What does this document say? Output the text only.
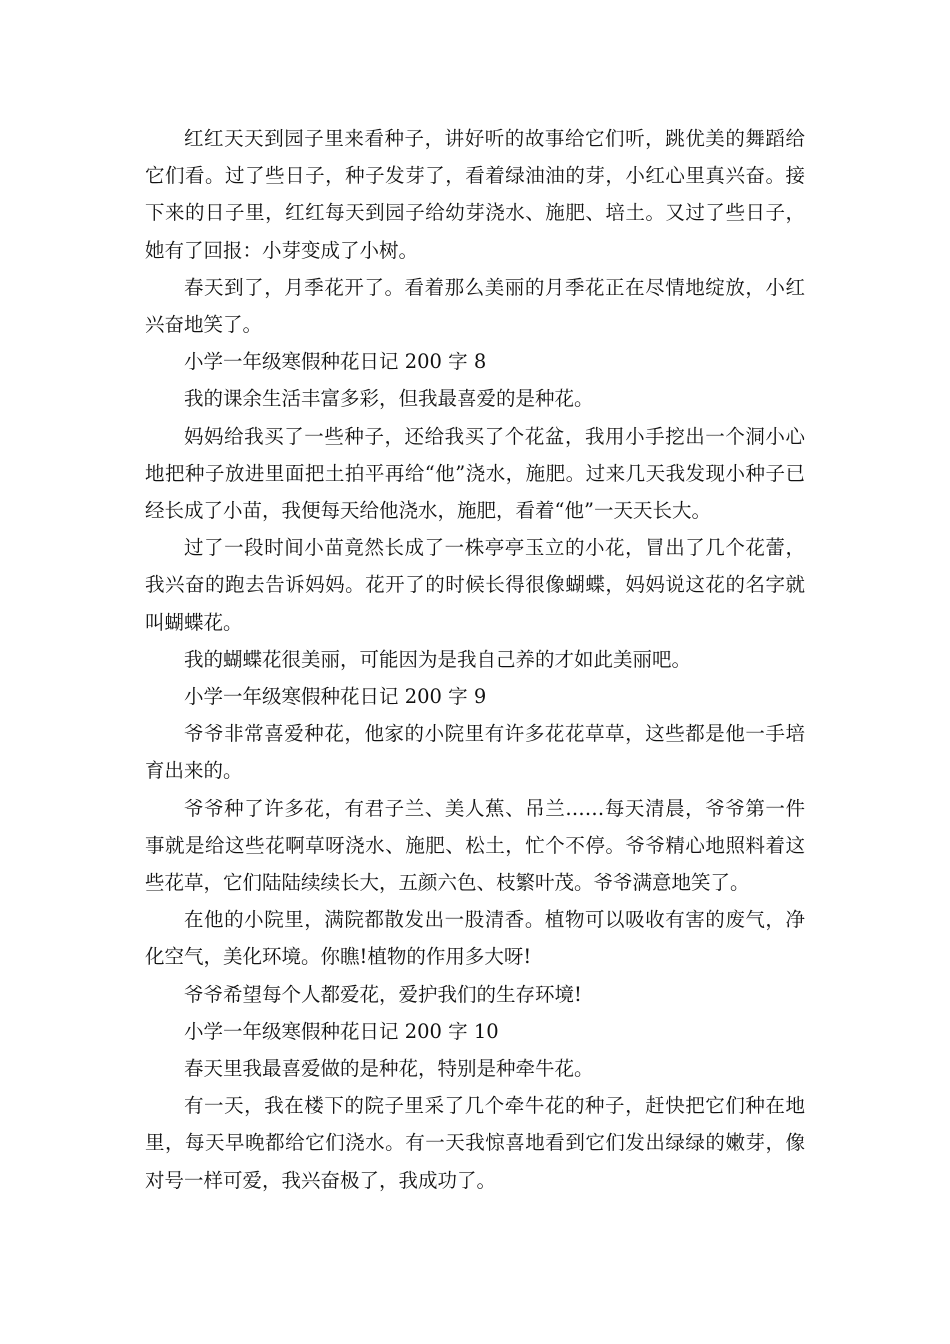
红红天天到园子里来看种子，讲好听的故事给它们听，跳优美的舞蹈给它们看。过了些日子，种子发芽了，看着绿油油的芽，小红心里真兴奋。接下来的日子里，红红每天到园子给幼芽浇水、施肥、培土。又过了些日子，她有了回报：小芽变成了小树。

春天到了，月季花开了。看着那么美丽的月季花正在尽情地绽放，小红兴奋地笑了。

小学一年级寒假种花日记 200 字 8

我的课余生活丰富多彩，但我最喜爱的是种花。

妈妈给我买了一些种子，还给我买了个花盆，我用小手挖出一个洞小心地把种子放进里面把土拍平再给“他”浇水，施肥。过来几天我发现小种子已经长成了小苗，我便每天给他浇水，施肥，看着“他”一天天长大。

过了一段时间小苗竟然长成了一株亭亭玉立的小花，冒出了几个花蕾，我兴奋的跑去告诉妈妈。花开了的时候长得很像蝴蝶，妈妈说这花的名字就叫蝴蝶花。

我的蝴蝶花很美丽，可能因为是我自己养的才如此美丽吧。

小学一年级寒假种花日记 200 字 9

爷爷非常喜爱种花，他家的小院里有许多花花草草，这些都是他一手培育出来的。

爷爷种了许多花，有君子兰、美人蕉、吊兰……每天清晨，爷爷第一件事就是给这些花啊草呀浇水、施肥、松土，忙个不停。爷爷精心地照料着这些花草，它们陆陆续续长大，五颜六色、枝繁叶茂。爷爷满意地笑了。

在他的小院里，满院都散发出一股清香。植物可以吸收有害的废气，净化空气，美化环境。你瞧!植物的作用多大呀!

爷爷希望每个人都爱花，爱护我们的生存环境!

小学一年级寒假种花日记 200 字 10

春天里我最喜爱做的是种花，特别是种牵牛花。

有一天，我在楼下的院子里采了几个牵牛花的种子，赶快把它们种在地里，每天早晚都给它们浇水。有一天我惊喜地看到它们发出绿绿的嫩芽，像对号一样可爱，我兴奋极了，我成功了。
